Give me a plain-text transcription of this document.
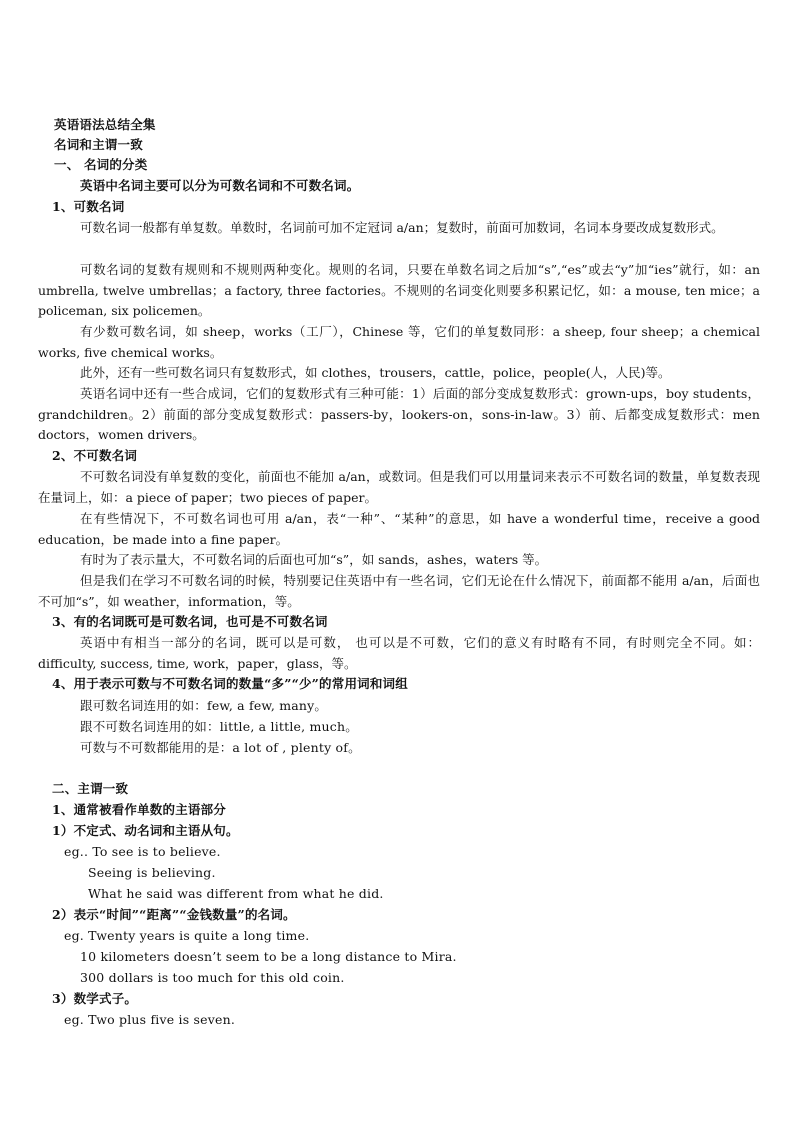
英语语法总结全集
名词和主谓一致
一、 名词的分类
英语中名词主要可以分为可数名词和不可数名词。
1、可数名词
可数名词一般都有单复数。单数时，名词前可加不定冠词 a/an；复数时，前面可加数词，名词本身要改成复数形式。
可数名词的复数有规则和不规则两种变化。规则的名词，只要在单数名词之后加“s”,“es”或去“y”加“ies”就行，如：an umbrella, twelve umbrellas；a factory, three factories。不规则的名词变化则要多积累记忆，如：a mouse, ten mice；a policeman, six policemen。
有少数可数名词，如 sheep，works（工厂），Chinese 等，它们的单复数同形：a sheep, four sheep；a chemical works, five chemical works。
此外，还有一些可数名词只有复数形式，如 clothes，trousers，cattle，police，people(人，人民)等。
英语名词中还有一些合成词，它们的复数形式有三种可能：1）后面的部分变成复数形式：grown-ups，boy students，grandchildren。2）前面的部分变成复数形式：passers-by，lookers-on，sons-in-law。3）前、后都变成复数形式：men doctors，women drivers。
2、不可数名词
不可数名词没有单复数的变化，前面也不能加 a/an，或数词。但是我们可以用量词来表示不可数名词的数量，单复数表现在量词上，如：a piece of paper；two pieces of paper。
在有些情况下，不可数名词也可用 a/an，表“一种”、“某种”的意思，如 have a wonderful time，receive a good education，be made into a fine paper。
有时为了表示量大，不可数名词的后面也可加“s”，如 sands，ashes，waters 等。
但是我们在学习不可数名词的时候，特别要记住英语中有一些名词，它们无论在什么情况下，前面都不能用 a/an，后面也不可加“s”，如 weather，information，等。
3、有的名词既可是可数名词，也可是不可数名词
英语中有相当一部分的名词，既可以是可数， 也可以是不可数，它们的意义有时略有不同，有时则完全不同。如：difficulty, success, time, work，paper，glass，等。
4、用于表示可数与不可数名词的数量“多”“少”的常用词和词组
跟可数名词连用的如：few, a few, many。
跟不可数名词连用的如：little, a little, much。
可数与不可数都能用的是：a lot of , plenty of。
二、主谓一致
1、通常被看作单数的主语部分
1）不定式、动名词和主语从句。
eg.. To see is to believe.
Seeing is believing.
What he said was different from what he did.
2）表示“时间”“距离”“金钱数量”的名词。
eg. Twenty years is quite a long time.
10 kilometers doesn’t seem to be a long distance to Mira.
300 dollars is too much for this old coin.
3）数学式子。
eg. Two plus five is seven.
